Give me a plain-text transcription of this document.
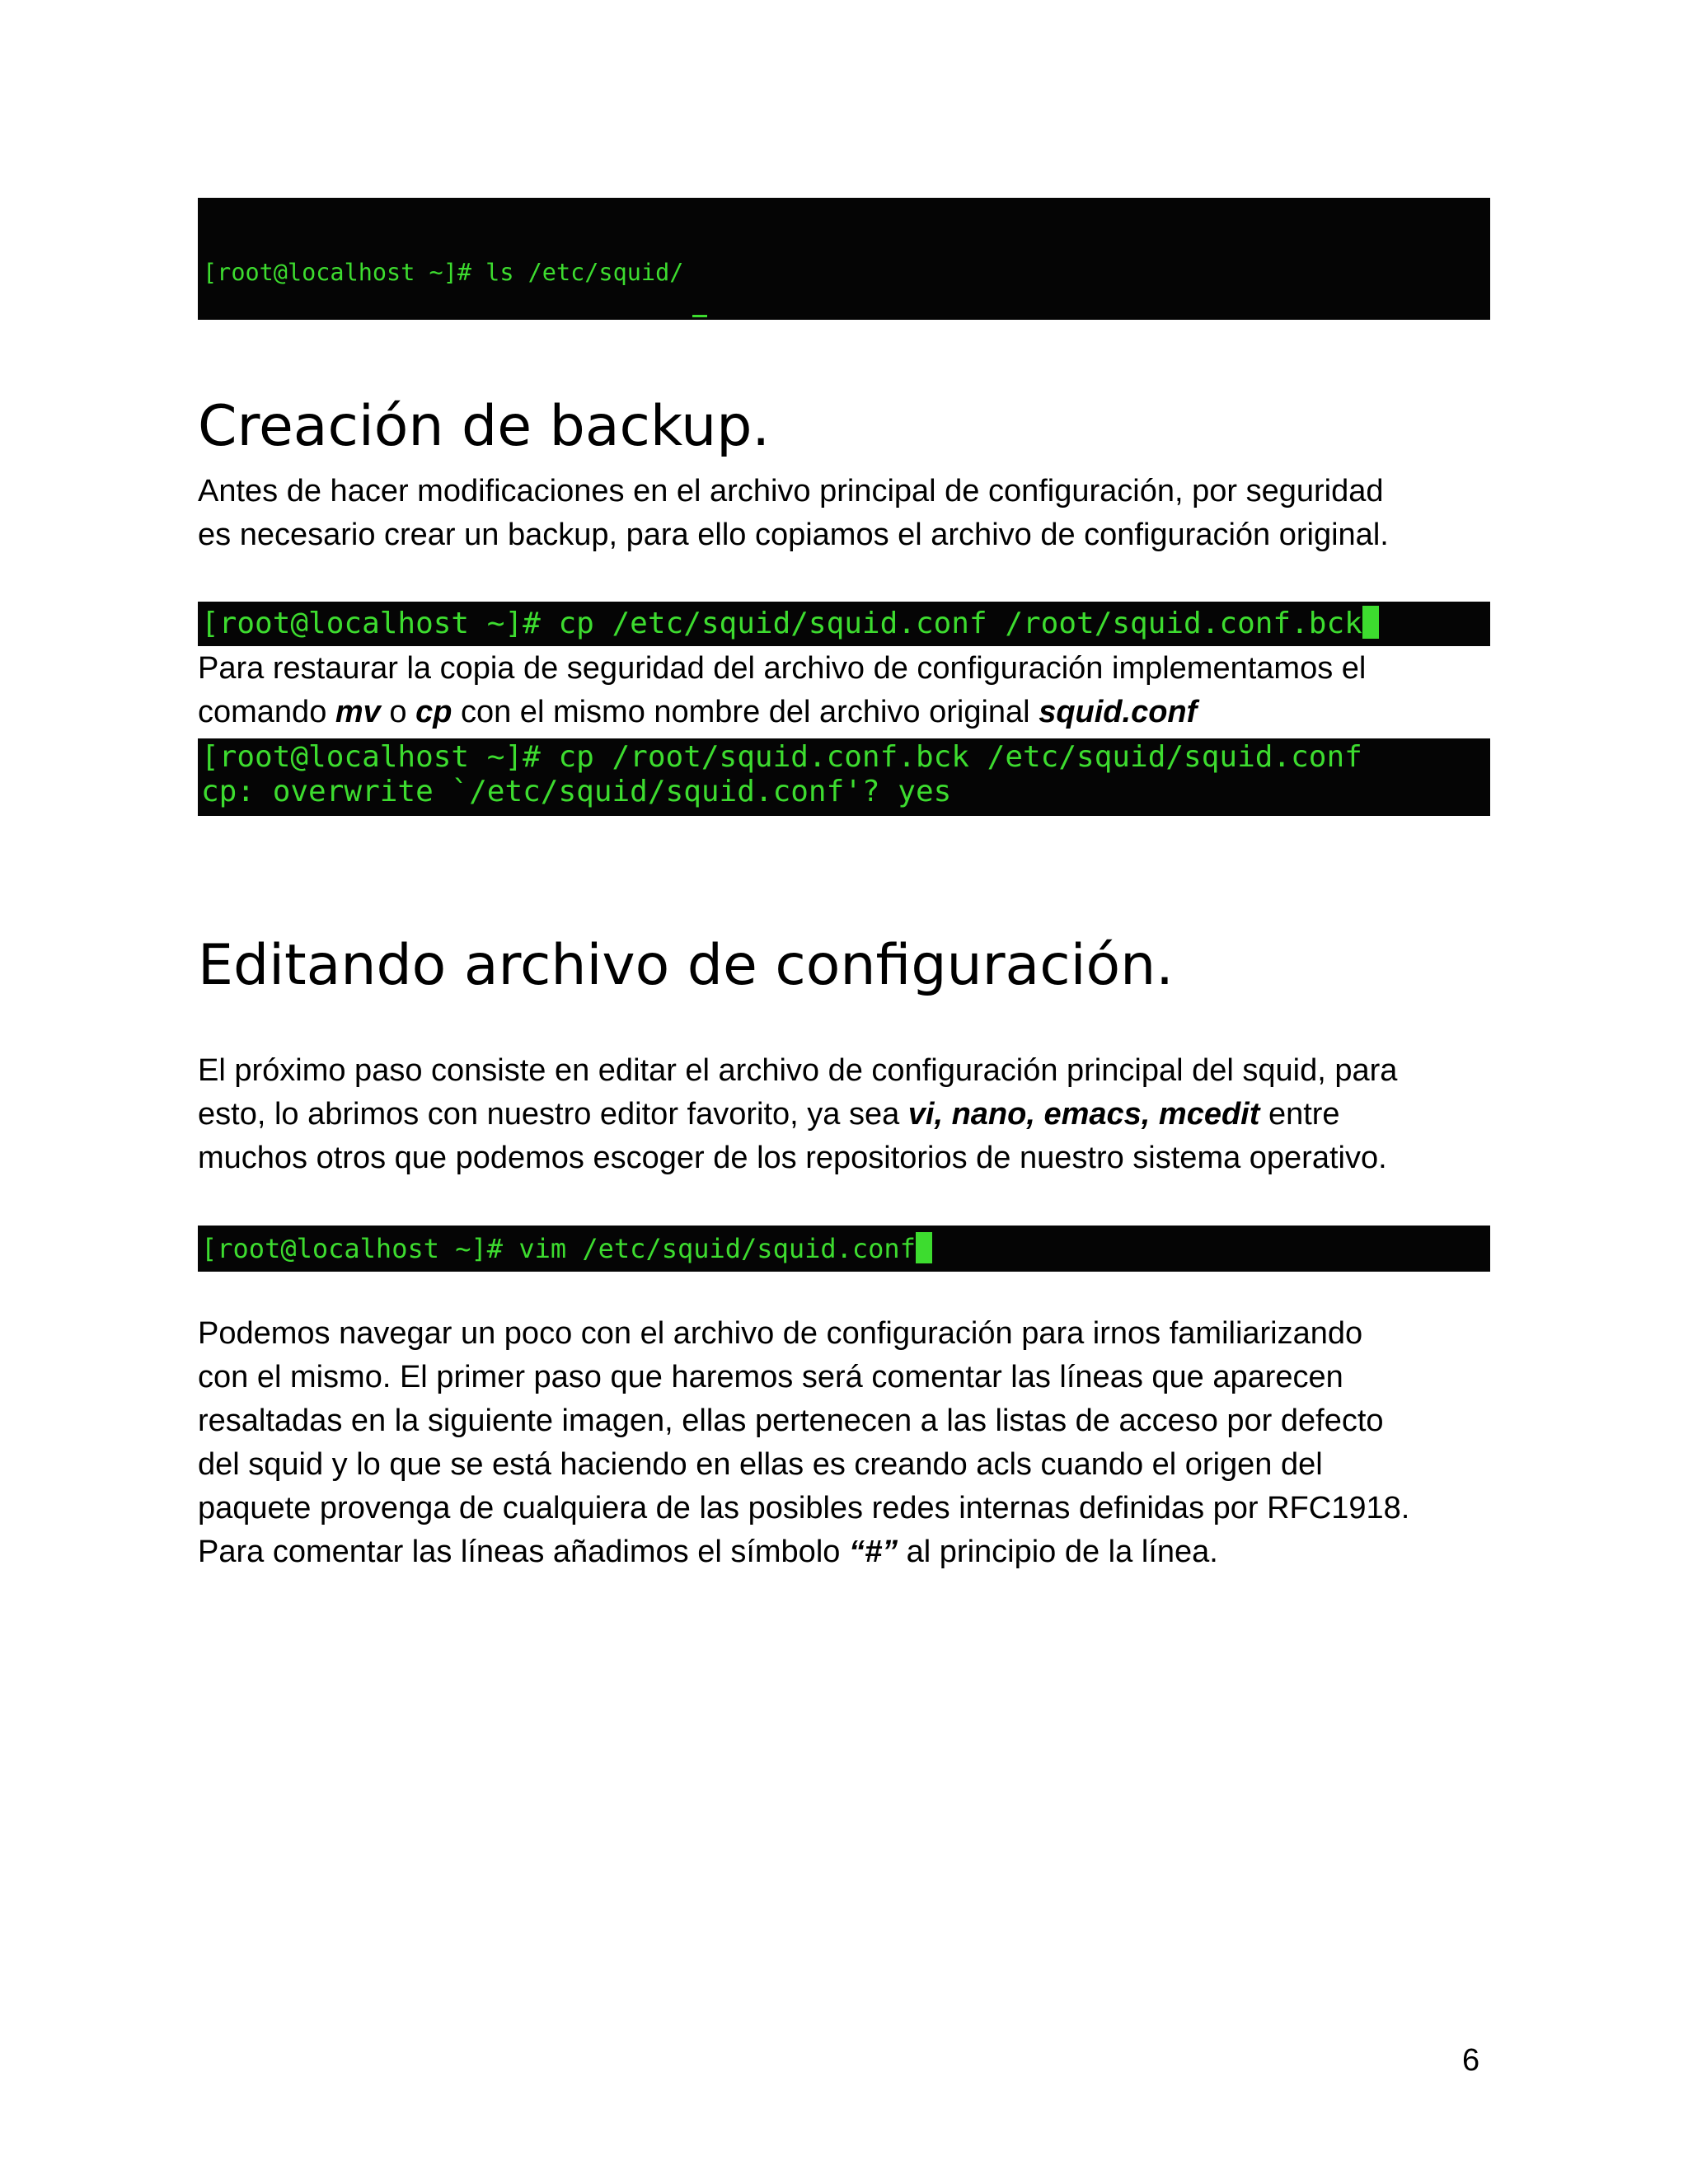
[root@localhost ~]# ls /etc/squid/

Creación de backup.

Antes de hacer modificaciones en el archivo principal de configuración, por seguridad
es necesario crear un backup, para ello copiamos el archivo de configuración original.

[root@localhost ~]# cp /etc/squid/squid.conf /root/squid.conf.bck

Para restaurar la copia de seguridad del archivo de configuración implementamos el
comando mv o cp con el mismo nombre del archivo original squid.conf

[root@localhost ~]# cp /root/squid.conf.bck /etc/squid/squid.conf
cp: overwrite `/etc/squid/squid.conf'? yes
Editando archivo de configuración.

El próximo paso consiste en editar el archivo de configuración principal del squid, para
esto, lo abrimos con nuestro editor favorito, ya sea vi, nano, emacs, mcedit entre
muchos otros que podemos escoger de los repositorios de nuestro sistema operativo.

[root@localhost ~]# vim /etc/squid/squid.conf

Podemos navegar un poco con el archivo de configuración para irnos familiarizando
con el mismo. El primer paso que haremos será comentar las líneas que aparecen
resaltadas en la siguiente imagen, ellas pertenecen a las listas de acceso por defecto
del squid y lo que se está haciendo en ellas es creando acls cuando el origen del
paquete provenga de cualquiera de las posibles redes internas definidas por RFC1918.
Para comentar las líneas añadimos el símbolo “#” al principio de la línea.

6
